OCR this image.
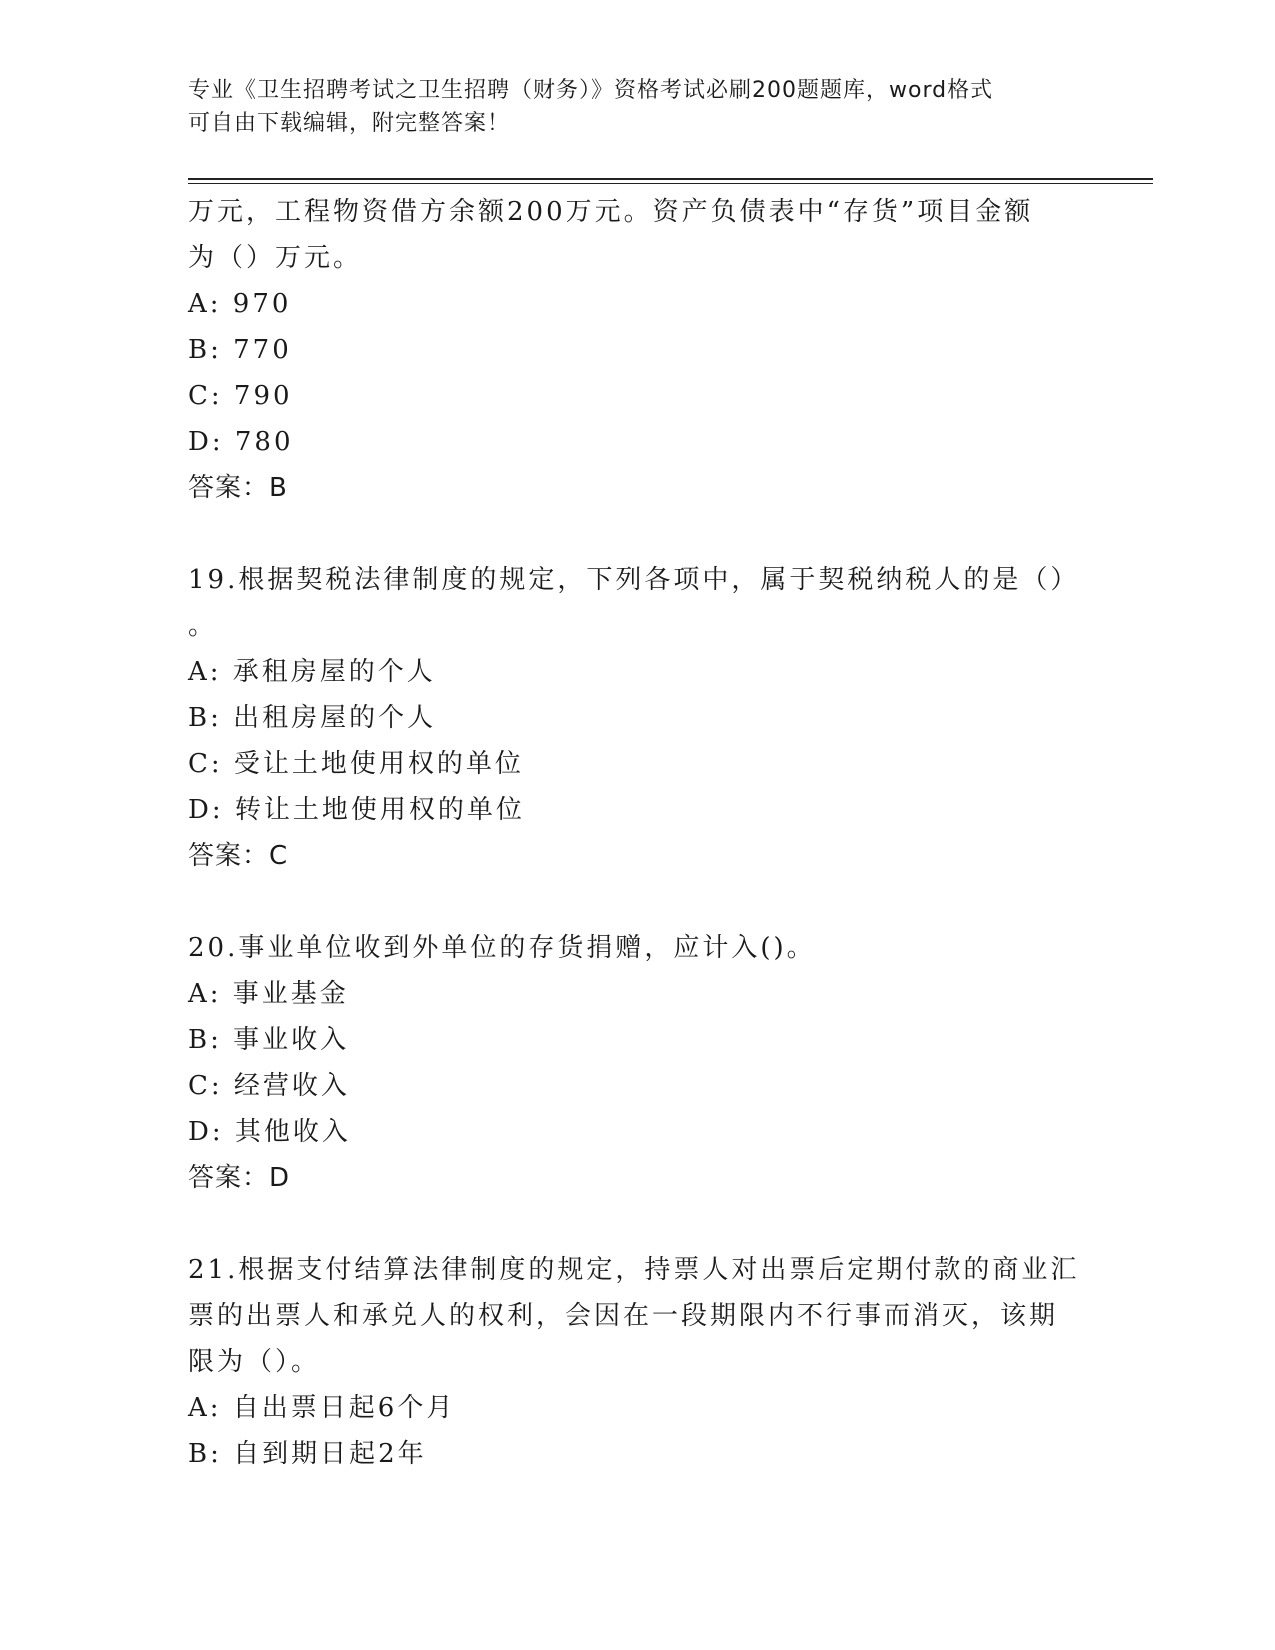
专业《卫生招聘考试之卫生招聘（财务）》资格考试必刷200题题库，word格式
可自由下载编辑，附完整答案！
万元，工程物资借方余额200万元。资产负债表中“存货”项目金额
为（）万元。
A: 970
B: 770
C: 790
D: 780
答案：B
19.根据契税法律制度的规定，下列各项中，属于契税纳税人的是（）
。
A: 承租房屋的个人
B: 出租房屋的个人
C: 受让土地使用权的单位
D: 转让土地使用权的单位
答案：C
20.事业单位收到外单位的存货捐赠，应计入()。
A: 事业基金
B: 事业收入
C: 经营收入
D: 其他收入
答案：D
21.根据支付结算法律制度的规定，持票人对出票后定期付款的商业汇
票的出票人和承兑人的权利，会因在一段期限内不行事而消灭，该期
限为（）。
A: 自出票日起6个月
B: 自到期日起2年
